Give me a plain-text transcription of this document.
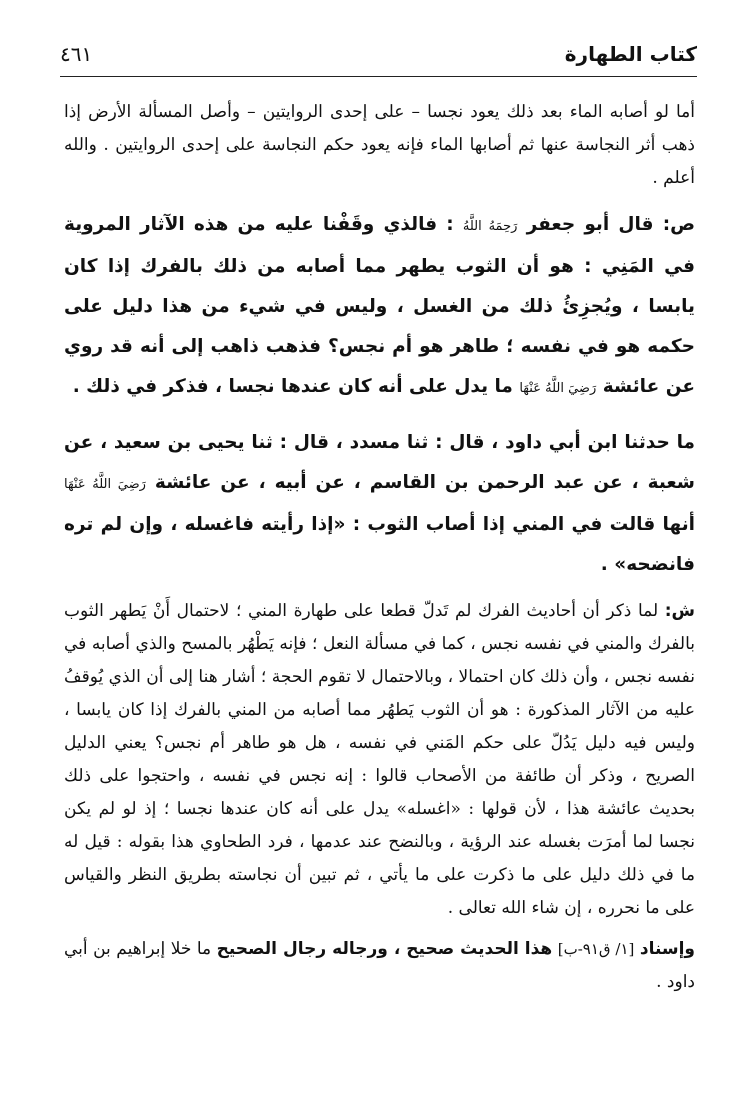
كتاب الطهارة
٤٦١

أما لو أصابه الماء بعد ذلك يعود نجسا – على إحدى الروايتين – وأصل المسألة الأرض إذا ذهب أثر النجاسة عنها ثم أصابها الماء فإنه يعود حكم النجاسة على إحدى الروايتين . والله أعلم .

ص: قال أبو جعفر رَحِمَهُ اللَّهُ : فالذي وقَفْنا عليه من هذه الآثار المروية في المَنِي : هو أن الثوب يطهر مما أصابه من ذلك بالفرك إذا كان يابسا ، ويُجزِئُ ذلك من الغسل ، وليس في شيء من هذا دليل على حكمه هو في نفسه ؛ طاهر هو أم نجس؟ فذهب ذاهب إلى أنه قد روي عن عائشة رَضِيَ اللَّهُ عَنْهَا ما يدل على أنه كان عندها نجسا ، فذكر في ذلك .

ما حدثنا ابن أبي داود ، قال : ثنا مسدد ، قال : ثنا يحيى بن سعيد ، عن شعبة ، عن عبد الرحمن بن القاسم ، عن أبيه ، عن عائشة رَضِيَ اللَّهُ عَنْهَا أنها قالت في المني إذا أصاب الثوب : «إذا رأيته فاغسله ، وإن لم تره فانضحه» .

ش: لما ذكر أن أحاديث الفرك لم تَدلّ قطعا على طهارة المني ؛ لاحتمال أَنْ يَطهر الثوب بالفرك والمني في نفسه نجس ، كما في مسألة النعل ؛ فإنه يَطْهُر بالمسح والذي أصابه في نفسه نجس ، وأن ذلك كان احتمالا ، وبالاحتمال لا تقوم الحجة ؛ أشار هنا إلى أن الذي يُوقفُ عليه من الآثار المذكورة : هو أن الثوب يَطهُر مما أصابه من المني بالفرك إذا كان يابسا ، وليس فيه دليل يَدُلّ على حكم المَني في نفسه ، هل هو طاهر أم نجس؟ يعني الدليل الصريح ، وذكر أن طائفة من الأصحاب قالوا : إنه نجس في نفسه ، واحتجوا على ذلك بحديث عائشة هذا ، لأن قولها : «اغسله» يدل على أنه كان عندها نجسا ؛ إذ لو لم يكن نجسا لما أمرَت بغسله عند الرؤية ، وبالنضح عند عدمها ، فرد الطحاوي هذا بقوله : قيل له ما في ذلك دليل على ما ذكرت على ما يأتي ، ثم تبين أن نجاسته بطريق النظر والقياس على ما نحرره ، إن شاء الله تعالى .

وإسناد [١/ ق٩١-ب] هذا الحديث صحيح ، ورجاله رجال الصحيح ما خلا إبراهيم بن أبي داود .
